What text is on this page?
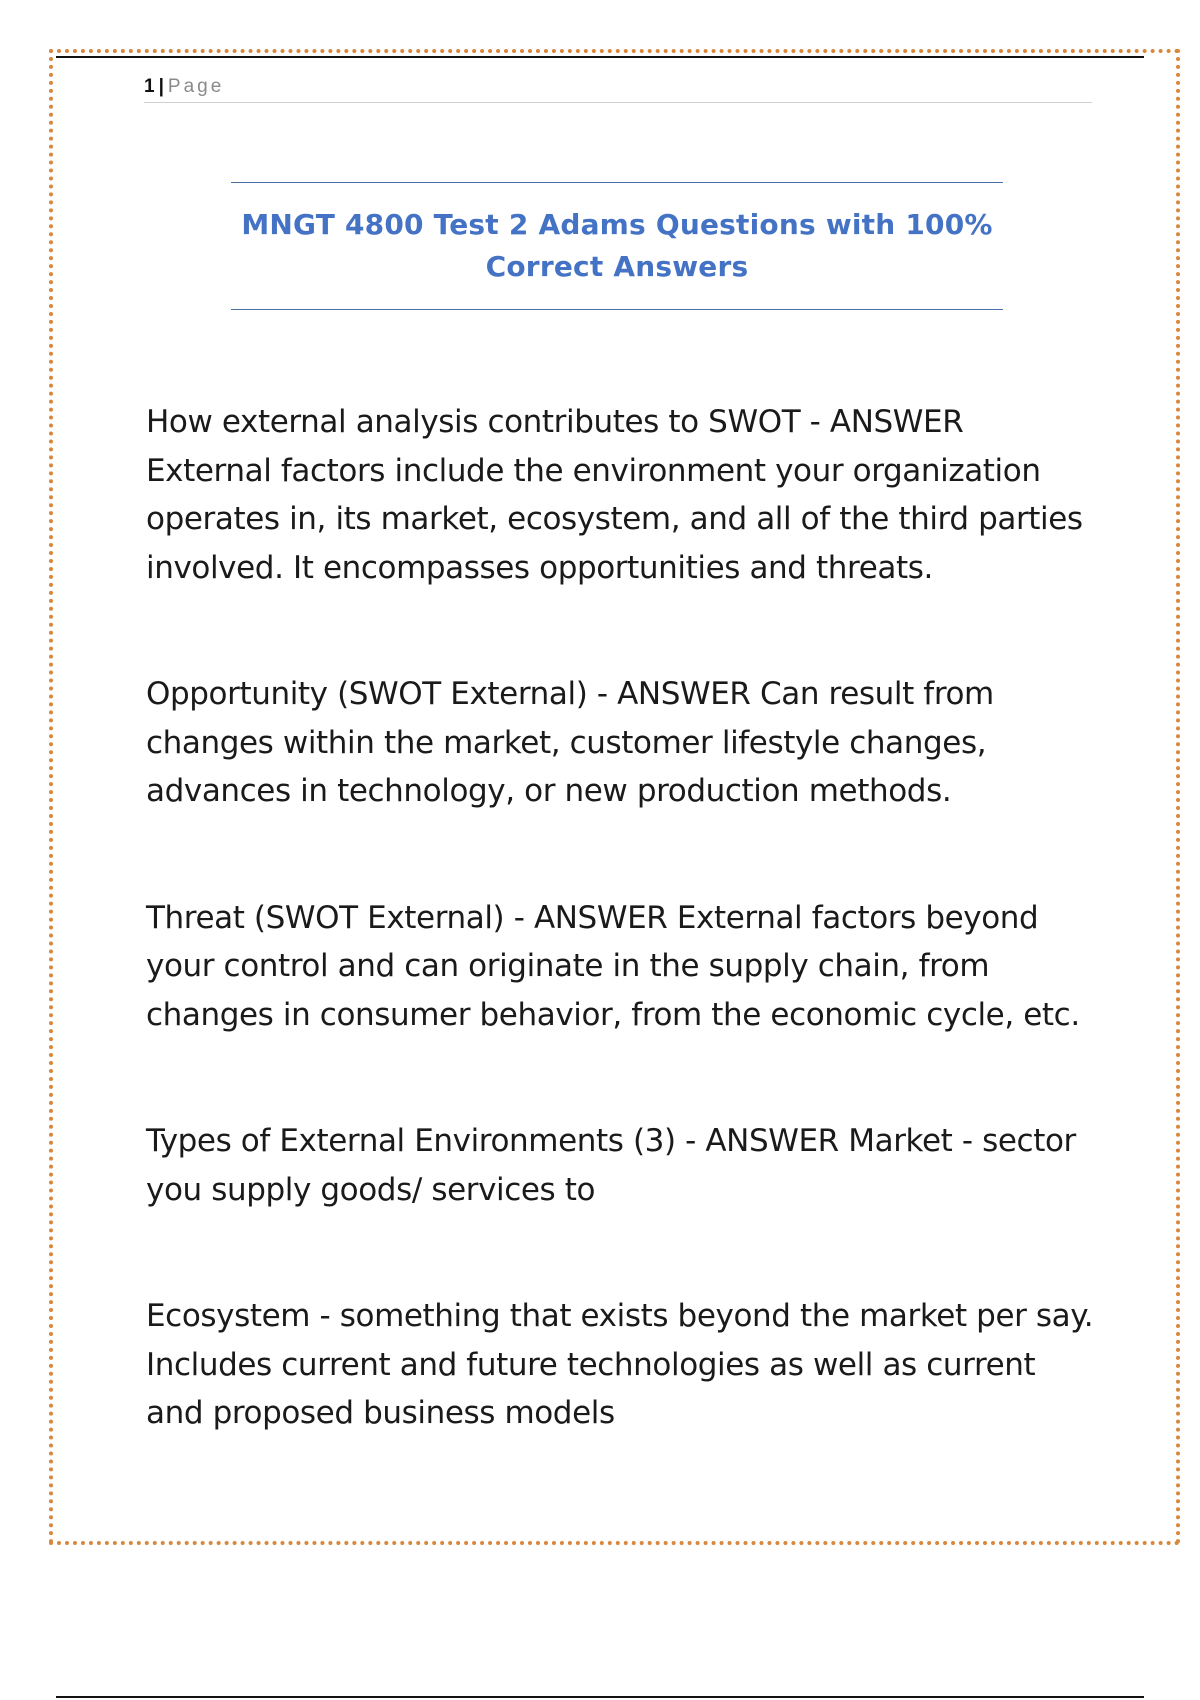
1 | Page
MNGT 4800 Test 2 Adams Questions with 100% Correct Answers

How external analysis contributes to SWOT - ANSWER External factors include the environment your organization operates in, its market, ecosystem, and all of the third parties involved. It encompasses opportunities and threats.

Opportunity (SWOT External) - ANSWER Can result from changes within the market, customer lifestyle changes, advances in technology, or new production methods.

Threat (SWOT External) - ANSWER External factors beyond your control and can originate in the supply chain, from changes in consumer behavior, from the economic cycle, etc.

Types of External Environments (3) - ANSWER Market - sector you supply goods/ services to

Ecosystem - something that exists beyond the market per say. Includes current and future technologies as well as current and proposed business models
